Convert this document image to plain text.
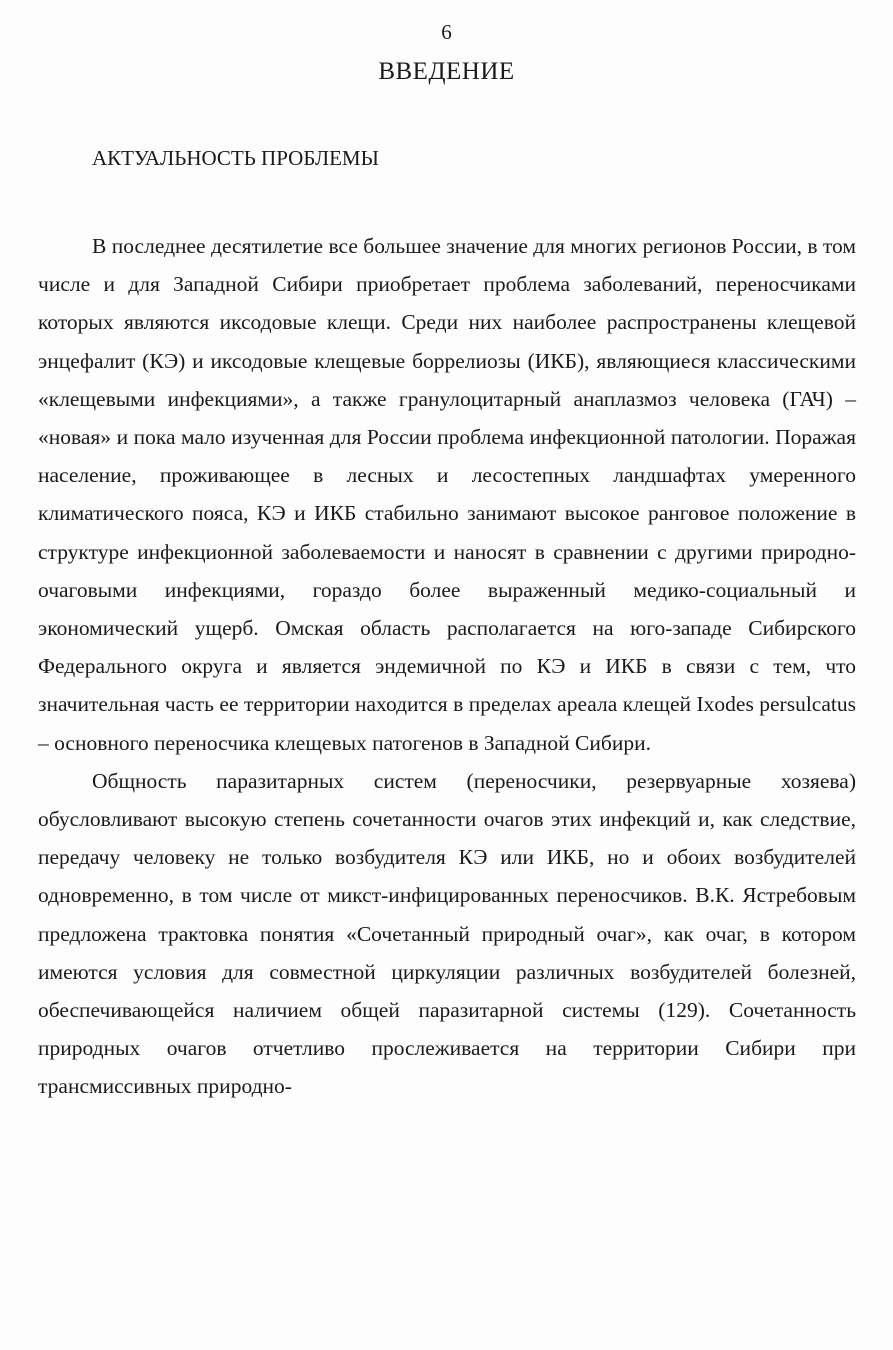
6
ВВЕДЕНИЕ
АКТУАЛЬНОСТЬ ПРОБЛЕМЫ

В последнее десятилетие все большее значение для многих регионов России, в том числе и для Западной Сибири приобретает проблема заболеваний, переносчиками которых являются иксодовые клещи. Среди них наиболее распространены клещевой энцефалит (КЭ) и иксодовые клещевые боррелиозы (ИКБ), являющиеся классическими «клещевыми инфекциями», а также гранулоцитарный анаплазмоз человека (ГАЧ) – «новая» и пока мало изученная для России проблема инфекционной патологии. Поражая население, проживающее в лесных и лесостепных ландшафтах умеренного климатического пояса, КЭ и ИКБ стабильно занимают высокое ранговое положение в структуре инфекционной заболеваемости и наносят в сравнении с другими природно-очаговыми инфекциями, гораздо более выраженный медико-социальный и экономический ущерб. Омская область располагается на юго-западе Сибирского Федерального округа и является эндемичной по КЭ и ИКБ в связи с тем, что значительная часть ее территории находится в пределах ареала клещей Ixodes persulcatus – основного переносчика клещевых патогенов в Западной Сибири.

Общность паразитарных систем (переносчики, резервуарные хозяева) обусловливают высокую степень сочетанности очагов этих инфекций и, как следствие, передачу человеку не только возбудителя КЭ или ИКБ, но и обоих возбудителей одновременно, в том числе от микст-инфицированных переносчиков. В.К. Ястребовым предложена трактовка понятия «Сочетанный природный очаг», как очаг, в котором имеются условия для совместной циркуляции различных возбудителей болезней, обеспечивающейся наличием общей паразитарной системы (129). Сочетанность природных очагов отчетливо прослеживается на территории Сибири при трансмиссивных природно-
